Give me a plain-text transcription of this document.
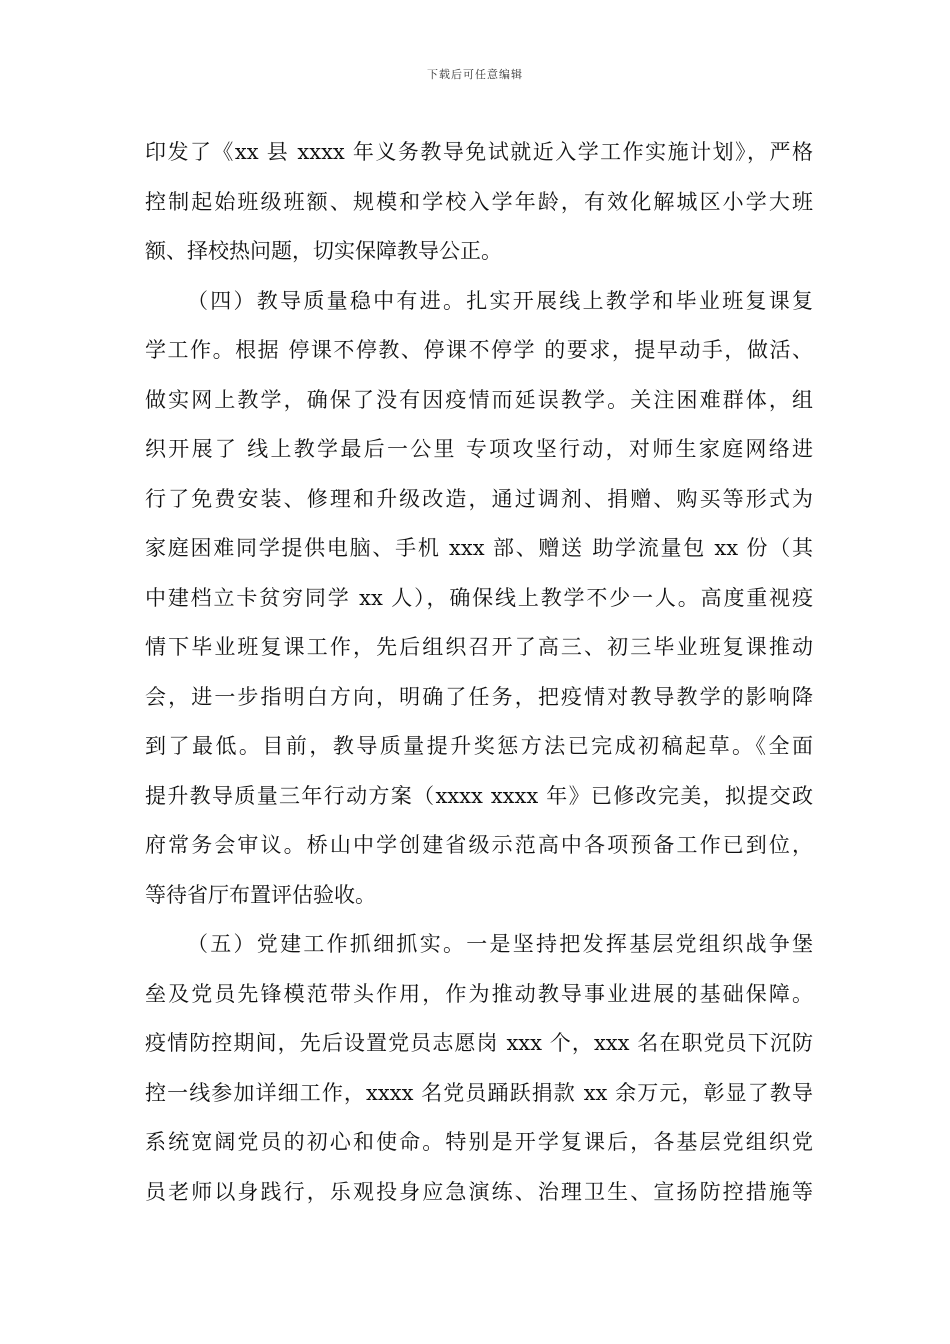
下载后可任意编辑
印发了《xx 县 xxxx 年义务教导免试就近入学工作实施计划》，严格
控制起始班级班额、规模和学校入学年龄，有效化解城区小学大班
额、择校热问题，切实保障教导公正。
（四）教导质量稳中有进。扎实开展线上教学和毕业班复课复
学工作。根据 停课不停教、停课不停学 的要求，提早动手，做活、
做实网上教学，确保了没有因疫情而延误教学。关注困难群体，组
织开展了 线上教学最后一公里 专项攻坚行动，对师生家庭网络进
行了免费安装、修理和升级改造，通过调剂、捐赠、购买等形式为
家庭困难同学提供电脑、手机 xxx 部、赠送 助学流量包 xx 份（其
中建档立卡贫穷同学 xx 人），确保线上教学不少一人。高度重视疫
情下毕业班复课工作，先后组织召开了高三、初三毕业班复课推动
会，进一步指明白方向，明确了任务，把疫情对教导教学的影响降
到了最低。目前，教导质量提升奖惩方法已完成初稿起草。《全面
提升教导质量三年行动方案（xxxx xxxx 年》已修改完美，拟提交政
府常务会审议。桥山中学创建省级示范高中各项预备工作已到位，
等待省厅布置评估验收。
（五）党建工作抓细抓实。一是坚持把发挥基层党组织战争堡
垒及党员先锋模范带头作用，作为推动教导事业进展的基础保障。
疫情防控期间，先后设置党员志愿岗 xxx 个，xxx 名在职党员下沉防
控一线参加详细工作，xxxx 名党员踊跃捐款 xx 余万元，彰显了教导
系统宽阔党员的初心和使命。特别是开学复课后，各基层党组织党
员老师以身践行，乐观投身应急演练、治理卫生、宣扬防控措施等
